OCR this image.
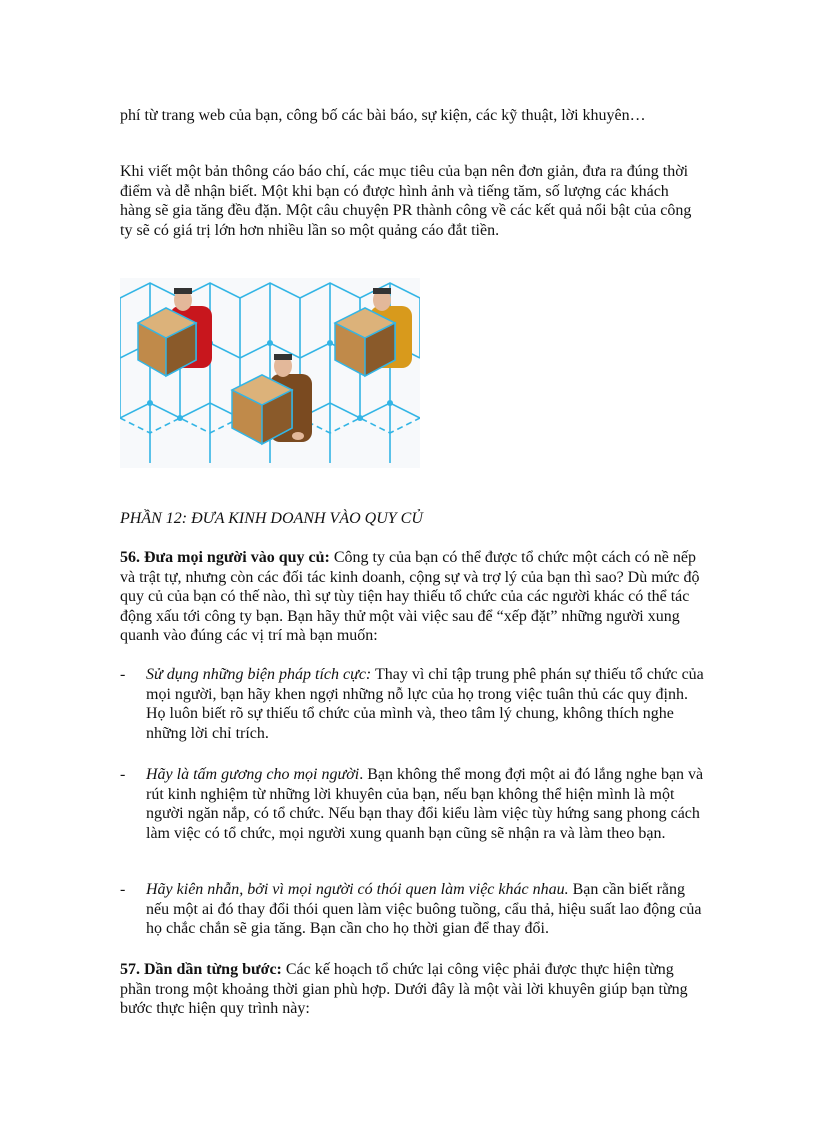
phí từ trang web của bạn, công bố các bài báo, sự kiện, các kỹ thuật, lời khuyên…

Khi viết một bản thông cáo báo chí, các mục tiêu của bạn nên đơn giản, đưa ra đúng thời điểm và dễ nhận biết. Một khi bạn có được hình ảnh và tiếng tăm, số lượng các khách hàng sẽ gia tăng đều đặn. Một câu chuyện PR thành công về các kết quả nổi bật của công ty sẽ có giá trị lớn hơn nhiều lần so một quảng cáo đắt tiền.

PHẦN 12: ĐƯA KINH DOANH VÀO QUY CỦ

56. Đưa mọi người vào quy củ: Công ty của bạn có thể được tổ chức một cách có nề nếp và trật tự, nhưng còn các đối tác kinh doanh, cộng sự và trợ lý của bạn thì sao? Dù mức độ quy củ của bạn có thế nào, thì sự tùy tiện hay thiếu tổ chức của các người khác có thể tác động xấu tới công ty bạn. Bạn hãy thử một vài việc sau để “xếp đặt” những người xung quanh vào đúng các vị trí mà bạn muốn:

- Sử dụng những biện pháp tích cực: Thay vì chỉ tập trung phê phán sự thiếu tổ chức của mọi người, bạn hãy khen ngợi những nỗ lực của họ trong việc tuân thủ các quy định. Họ luôn biết rõ sự thiếu tổ chức của mình và, theo tâm lý chung, không thích nghe những lời chỉ trích.
- Hãy là tấm gương cho mọi người. Bạn không thể mong đợi một ai đó lắng nghe bạn và rút kinh nghiệm từ những lời khuyên của bạn, nếu bạn không thể hiện mình là một người ngăn nắp, có tổ chức. Nếu bạn thay đổi kiểu làm việc tùy hứng sang phong cách làm việc có tổ chức, mọi người xung quanh bạn cũng sẽ nhận ra và làm theo bạn.
- Hãy kiên nhẫn, bởi vì mọi người có thói quen làm việc khác nhau. Bạn cần biết rằng nếu một ai đó thay đổi thói quen làm việc buông tuồng, cẩu thả, hiệu suất lao động của họ chắc chắn sẽ gia tăng. Bạn cần cho họ thời gian để thay đổi.

57. Dần dần từng bước: Các kế hoạch tổ chức lại công việc phải được thực hiện từng phần trong một khoảng thời gian phù hợp. Dưới đây là một vài lời khuyên giúp bạn từng bước thực hiện quy trình này:
